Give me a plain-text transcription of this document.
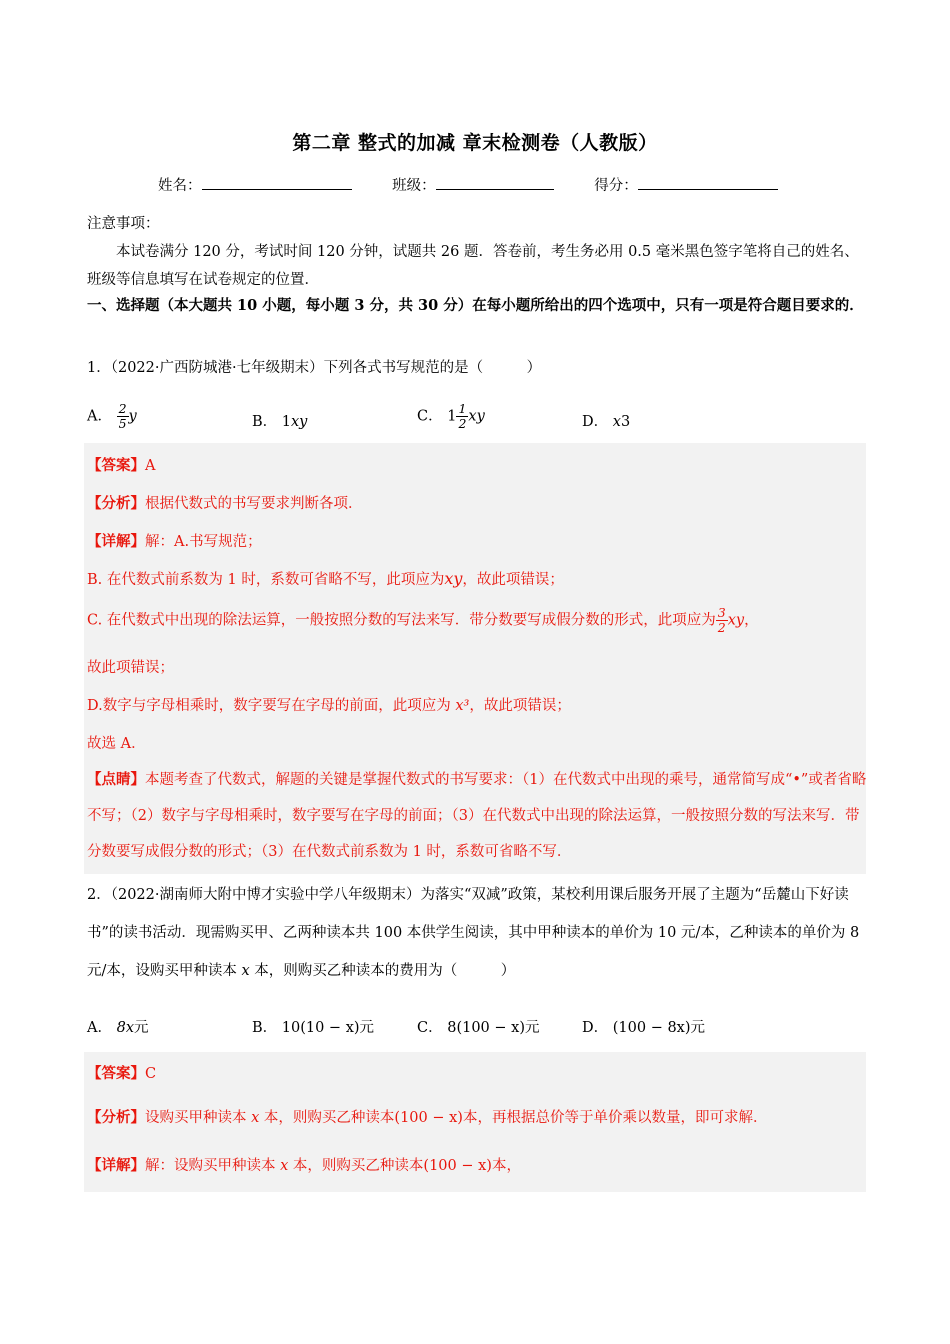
第二章 整式的加减 章末检测卷（人教版）
姓名：	班级：	得分：
注意事项：
本试卷满分 120 分，考试时间 120 分钟，试题共 26 题．答卷前，考生务必用 0.5 毫米黑色签字笔将自己的姓名、班级等信息填写在试卷规定的位置．
一、选择题（本大题共 10 小题，每小题 3 分，共 30 分）在每小题所给出的四个选项中，只有一项是符合题目要求的．
1．（2022·广西防城港·七年级期末）下列各式书写规范的是（　　　）
A． $\frac{2}{5}$ y	B． 1xy	C． $1 \frac{1}{2}$ xy	D． x3
【答案】A
【分析】根据代数式的书写要求判断各项．
【详解】解：A.书写规范；
B. 在代数式前系数为 1 时，系数可省略不写，此项应为xy，故此项错误；
C. 在代数式中出现的除法运算，一般按照分数的写法来写．带分数要写成假分数的形式，此项应为 $\frac{3}{2}$ xy，
故此项错误；
D.数字与字母相乘时，数字要写在字母的前面，此项应为 x³，故此项错误；
故选 A．
【点睛】本题考查了代数式，解题的关键是掌握代数式的书写要求：（1）在代数式中出现的乘号，通常简写成“•”或者省略不写；（2）数字与字母相乘时，数字要写在字母的前面；（3）在代数式中出现的除法运算，一般按照分数的写法来写．带分数要写成假分数的形式；（3）在代数式前系数为 1 时，系数可省略不写．
2．（2022·湖南师大附中博才实验中学八年级期末）为落实“双减”政策，某校利用课后服务开展了主题为“岳麓山下好读书”的读书活动．现需购买甲、乙两种读本共 100 本供学生阅读，其中甲种读本的单价为 10 元/本，乙种读本的单价为 8 元/本，设购买甲种读本 x 本，则购买乙种读本的费用为（　　　）
A． 8x元	B． 10(10 − x)元	C． 8(100 − x)元	D． (100 − 8x)元
【答案】C
【分析】设购买甲种读本 x 本，则购买乙种读本(100 − x)本，再根据总价等于单价乘以数量，即可求解．
【详解】解：设购买甲种读本 x 本，则购买乙种读本(100 − x)本，
